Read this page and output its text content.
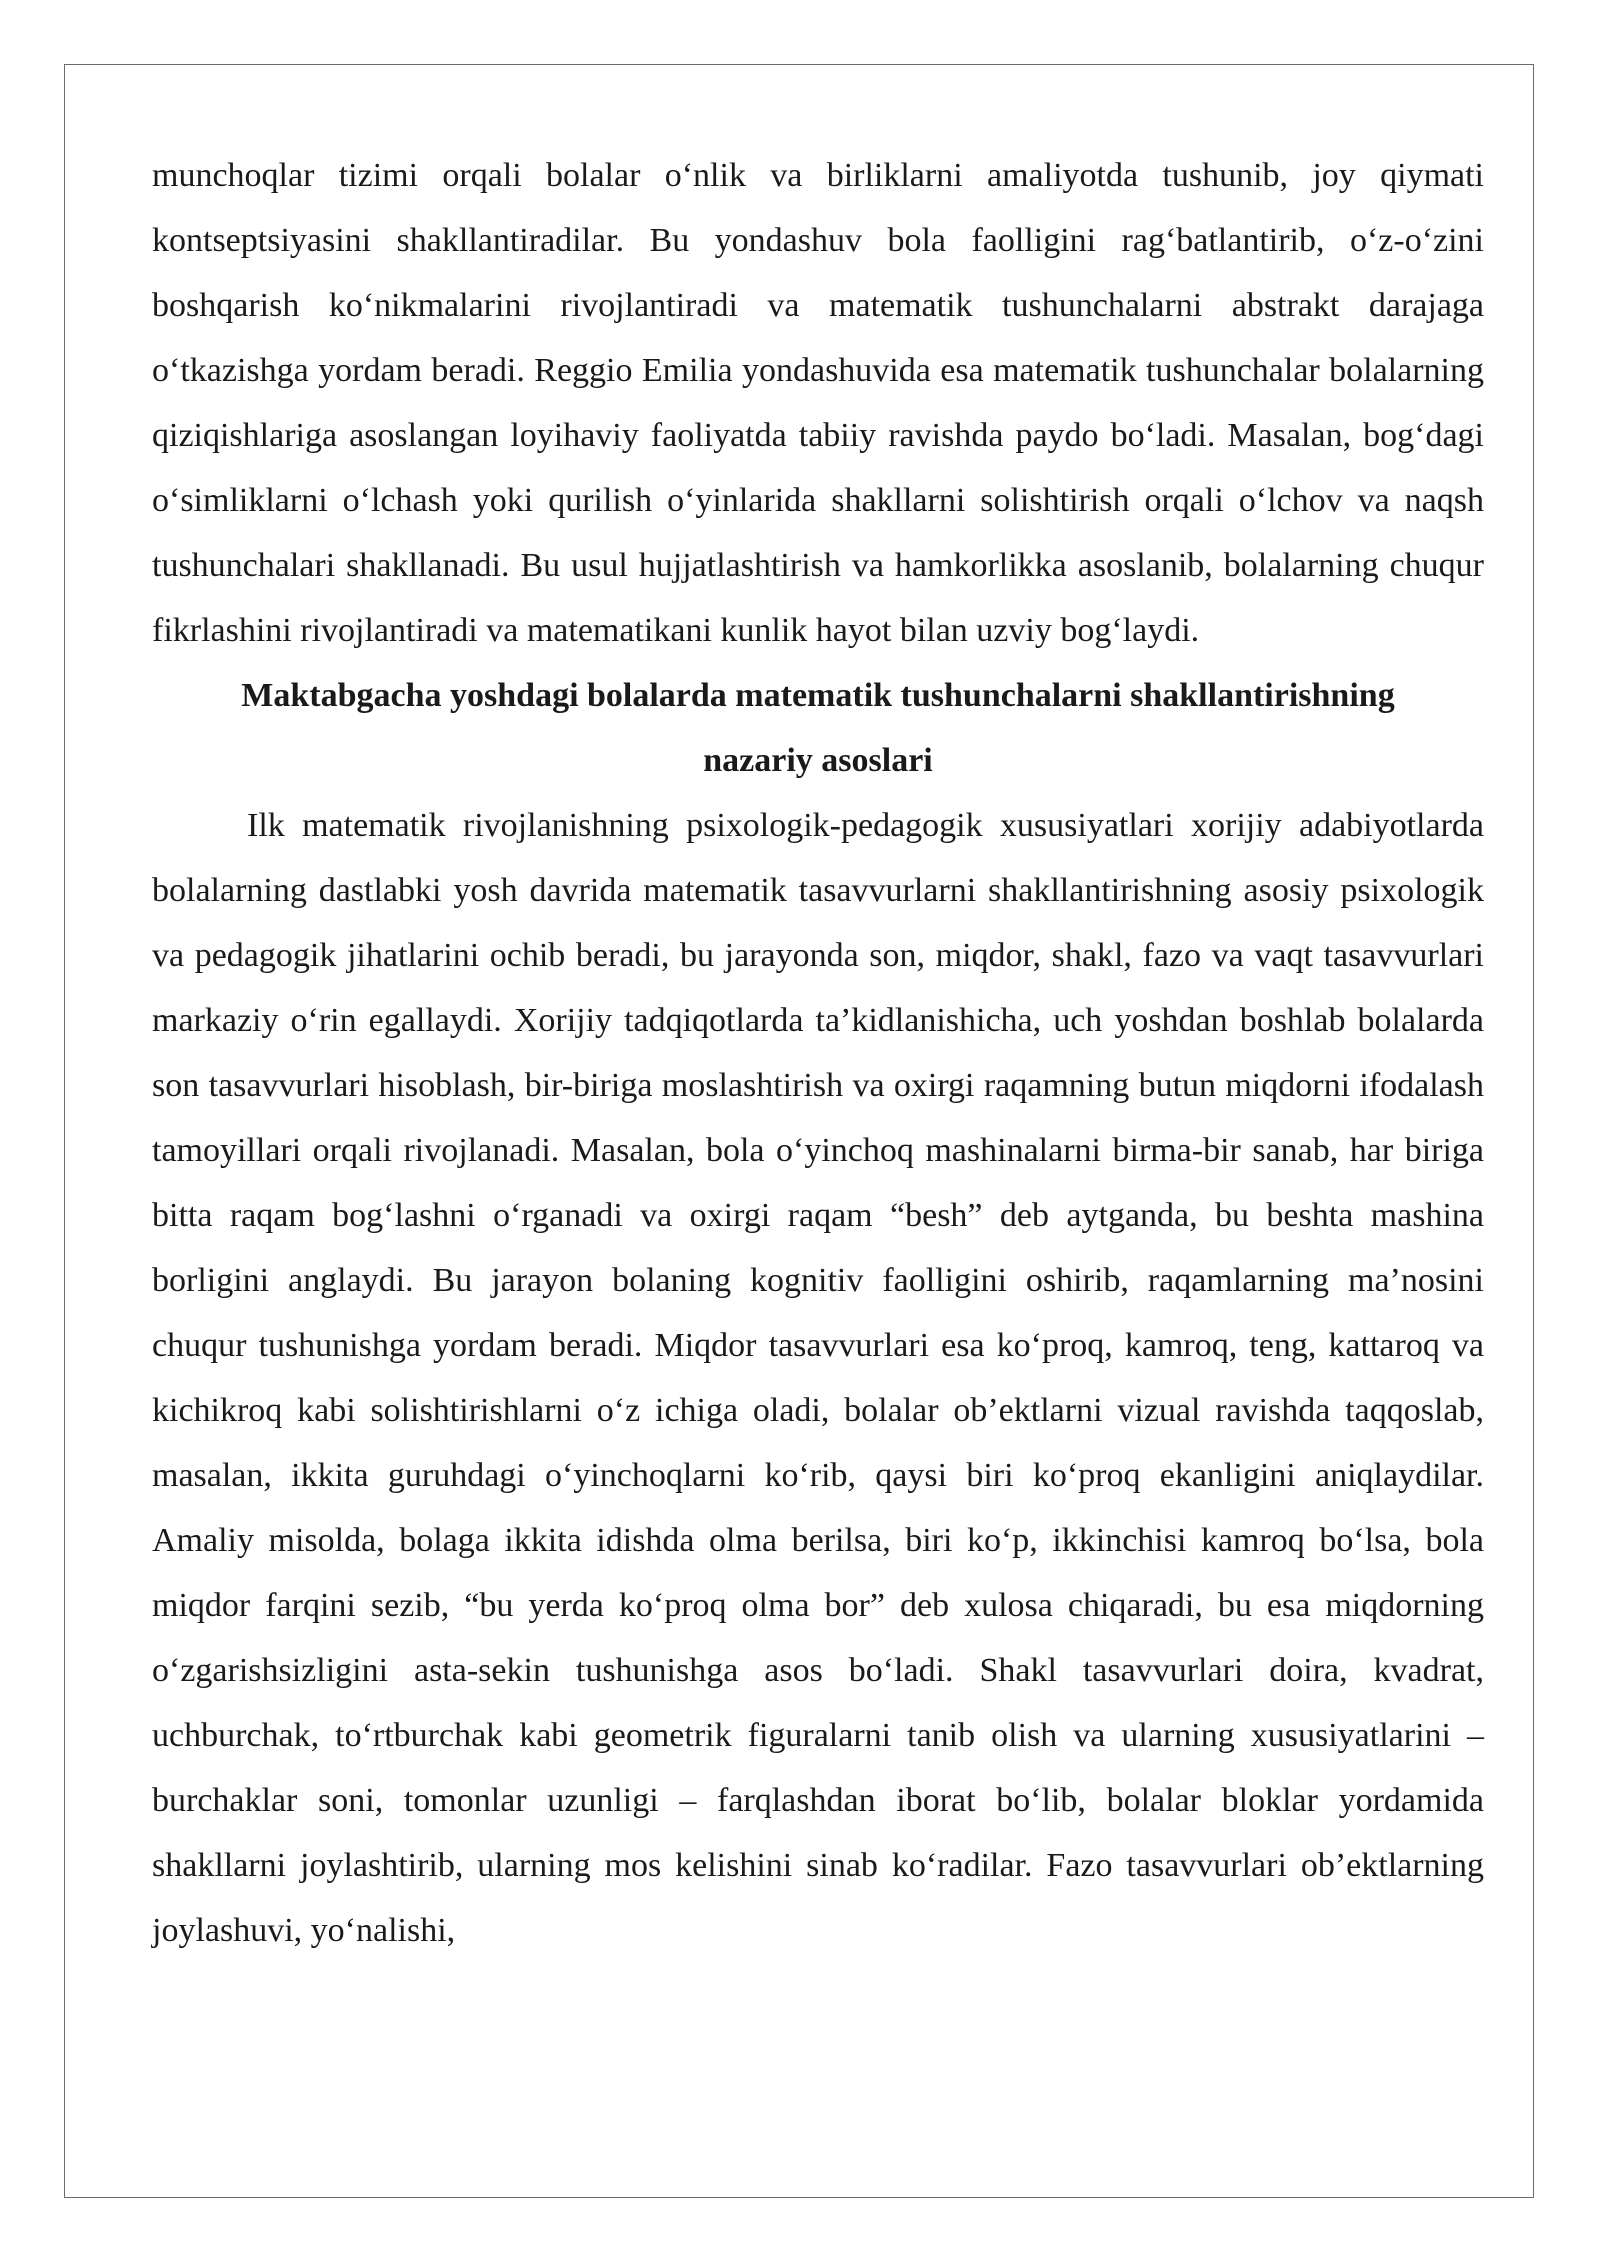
munchoqlar tizimi orqali bolalar o‘nlik va birliklarni amaliyotda tushunib, joy qiymati kontseptsiyasini shakllantiradilar. Bu yondashuv bola faolligini rag‘batlantirib, o‘z-o‘zini boshqarish ko‘nikmalarini rivojlantiradi va matematik tushunchalarni abstrakt darajaga o‘tkazishga yordam beradi. Reggio Emilia yondashuvida esa matematik tushunchalar bolalarning qiziqishlariga asoslangan loyihaviy faoliyatda tabiiy ravishda paydo bo‘ladi. Masalan, bog‘dagi o‘simliklarni o‘lchash yoki qurilish o‘yinlarida shakllarni solishtirish orqali o‘lchov va naqsh tushunchalari shakllanadi. Bu usul hujjatlashtirish va hamkorlikka asoslanib, bolalarning chuqur fikrlashini rivojlantiradi va matematikani kunlik hayot bilan uzviy bog‘laydi.

Maktabgacha yoshdagi bolalarda matematik tushunchalarni shakllantirishning nazariy asoslari

Ilk matematik rivojlanishning psixologik-pedagogik xususiyatlari xorijiy adabiyotlarda bolalarning dastlabki yosh davrida matematik tasavvurlarni shakllantirishning asosiy psixologik va pedagogik jihatlarini ochib beradi, bu jarayonda son, miqdor, shakl, fazo va vaqt tasavvurlari markaziy o‘rin egallaydi. Xorijiy tadqiqotlarda ta’kidlanishicha, uch yoshdan boshlab bolalarda son tasavvurlari hisoblash, bir-biriga moslashtirish va oxirgi raqamning butun miqdorni ifodalash tamoyillari orqali rivojlanadi. Masalan, bola o‘yinchoq mashinalarni birma-bir sanab, har biriga bitta raqam bog‘lashni o‘rganadi va oxirgi raqam “besh” deb aytganda, bu beshta mashina borligini anglaydi. Bu jarayon bolaning kognitiv faolligini oshirib, raqamlarning ma’nosini chuqur tushunishga yordam beradi. Miqdor tasavvurlari esa ko‘proq, kamroq, teng, kattaroq va kichikroq kabi solishtirishlarni o‘z ichiga oladi, bolalar ob’ektlarni vizual ravishda taqqoslab, masalan, ikkita guruhdagi o‘yinchoqlarni ko‘rib, qaysi biri ko‘proq ekanligini aniqlaydilar. Amaliy misolda, bolaga ikkita idishda olma berilsa, biri ko‘p, ikkinchisi kamroq bo‘lsa, bola miqdor farqini sezib, “bu yerda ko‘proq olma bor” deb xulosa chiqaradi, bu esa miqdorning o‘zgarishsizligini asta-sekin tushunishga asos bo‘ladi. Shakl tasavvurlari doira, kvadrat, uchburchak, to‘rtburchak kabi geometrik figuralarni tanib olish va ularning xususiyatlarini – burchaklar soni, tomonlar uzunligi – farqlashdan iborat bo‘lib, bolalar bloklar yordamida shakllarni joylashtirib, ularning mos kelishini sinab ko‘radilar. Fazo tasavvurlari ob’ektlarning joylashuvi, yo‘nalishi,
